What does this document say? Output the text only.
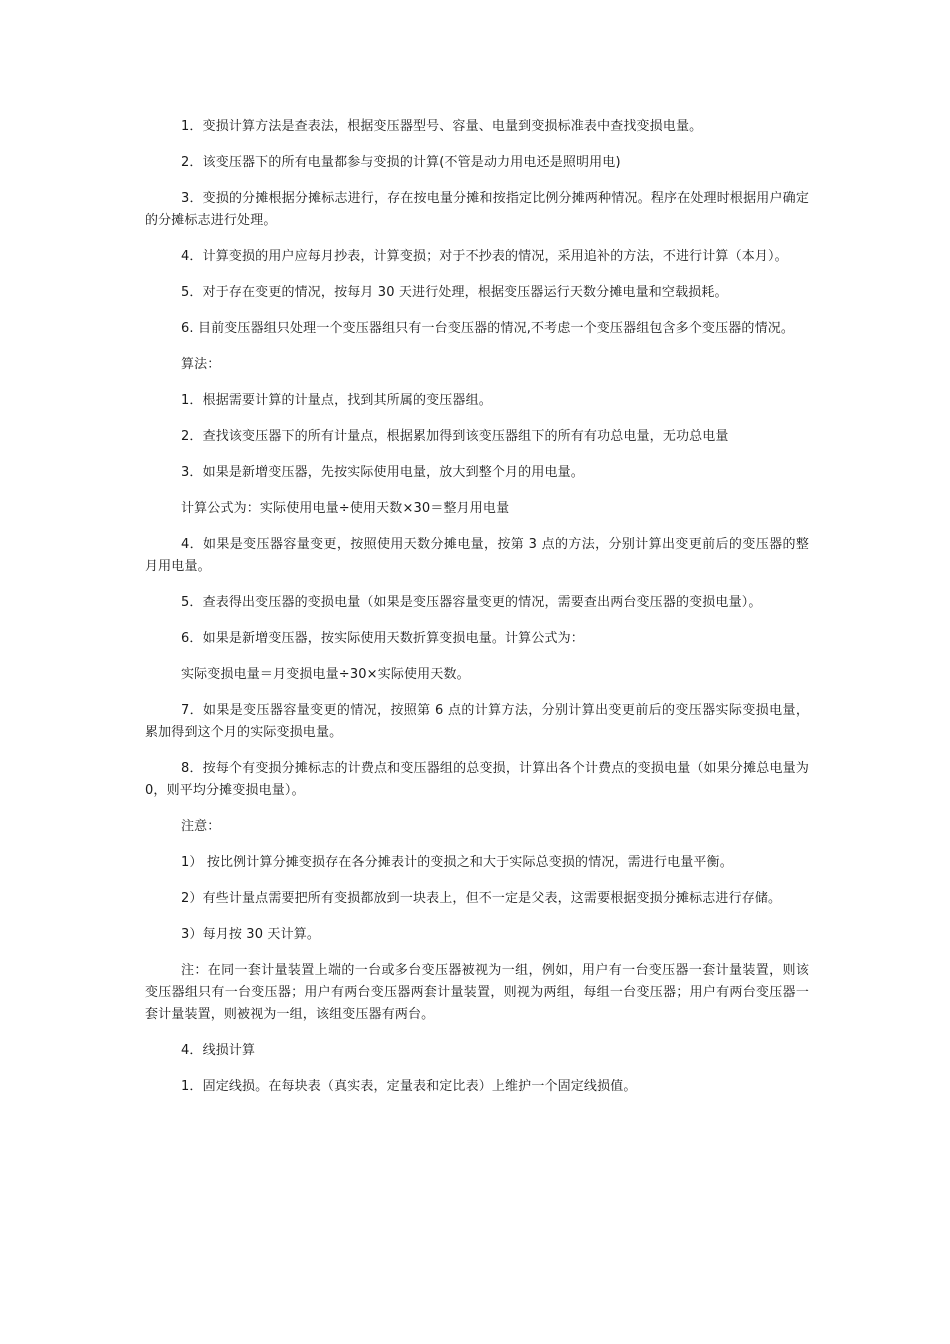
1．变损计算方法是查表法，根据变压器型号、容量、电量到变损标准表中查找变损电量。

2．该变压器下的所有电量都参与变损的计算(不管是动力用电还是照明用电)

3．变损的分摊根据分摊标志进行，存在按电量分摊和按指定比例分摊两种情况。程序在处理时根据用户确定的分摊标志进行处理。

4．计算变损的用户应每月抄表，计算变损；对于不抄表的情况，采用追补的方法，不进行计算（本月）。

5．对于存在变更的情况，按每月 30 天进行处理，根据变压器运行天数分摊电量和空载损耗。

6. 目前变压器组只处理一个变压器组只有一台变压器的情况,不考虑一个变压器组包含多个变压器的情况。

算法：

1．根据需要计算的计量点，找到其所属的变压器组。

2．查找该变压器下的所有计量点，根据累加得到该变压器组下的所有有功总电量，无功总电量

3．如果是新增变压器，先按实际使用电量，放大到整个月的用电量。

计算公式为：实际使用电量÷使用天数×30＝整月用电量

4．如果是变压器容量变更，按照使用天数分摊电量，按第 3 点的方法，分别计算出变更前后的变压器的整月用电量。

5．查表得出变压器的变损电量（如果是变压器容量变更的情况，需要查出两台变压器的变损电量）。

6．如果是新增变压器，按实际使用天数折算变损电量。计算公式为：

实际变损电量＝月变损电量÷30×实际使用天数。

7．如果是变压器容量变更的情况，按照第 6 点的计算方法，分别计算出变更前后的变压器实际变损电量，累加得到这个月的实际变损电量。

8．按每个有变损分摊标志的计费点和变压器组的总变损，计算出各个计费点的变损电量（如果分摊总电量为 0，则平均分摊变损电量）。

注意：

1） 按比例计算分摊变损存在各分摊表计的变损之和大于实际总变损的情况，需进行电量平衡。

2）有些计量点需要把所有变损都放到一块表上，但不一定是父表，这需要根据变损分摊标志进行存储。

3）每月按 30 天计算。

注：在同一套计量装置上端的一台或多台变压器被视为一组，例如，用户有一台变压器一套计量装置，则该变压器组只有一台变压器；用户有两台变压器两套计量装置，则视为两组，每组一台变压器；用户有两台变压器一套计量装置，则被视为一组，该组变压器有两台。

4．线损计算

1．固定线损。在每块表（真实表，定量表和定比表）上维护一个固定线损值。
